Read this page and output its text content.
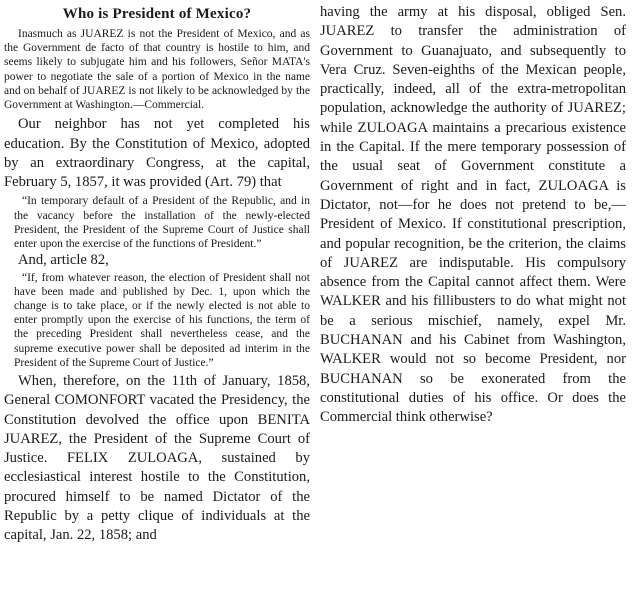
Who is President of Mexico?

Inasmuch as JUAREZ is not the President of Mexico, and as the Government de facto of that country is hostile to him, and seems likely to subjugate him and his followers, Señor MATA's power to negotiate the sale of a portion of Mexico in the name and on behalf of JUAREZ is not likely to be acknowledged by the Government at Washington.—Commercial.

Our neighbor has not yet completed his education. By the Constitution of Mexico, adopted by an extraordinary Congress, at the capital, February 5, 1857, it was provided (Art. 79) that

“In temporary default of a President of the Republic, and in the vacancy before the installation of the newly-elected President, the President of the Supreme Court of Justice shall enter upon the exercise of the functions of President.”

And, article 82,

“If, from whatever reason, the election of President shall not have been made and published by Dec. 1, upon which the change is to take place, or if the newly elected is not able to enter promptly upon the exercise of his functions, the term of the preceding President shall nevertheless cease, and the supreme executive power shall be deposited ad interim in the President of the Supreme Court of Justice.”

When, therefore, on the 11th of January, 1858, General COMONFORT vacated the Presidency, the Constitution devolved the office upon BENITA JUAREZ, the President of the Supreme Court of Justice. FELIX ZULOAGA, sustained by ecclesiastical interest hostile to the Constitution, procured himself to be named Dictator of the Republic by a petty clique of individuals at the capital, Jan. 22, 1858; and

having the army at his disposal, obliged Sen. JUAREZ to transfer the administration of Government to Guanajuato, and subsequently to Vera Cruz. Seven-eighths of the Mexican people, practically, indeed, all of the extra-metropolitan population, acknowledge the authority of JUAREZ; while ZULOAGA maintains a precarious existence in the Capital. If the mere temporary possession of the usual seat of Government constitute a Government of right and in fact, ZULOAGA is Dictator, not—for he does not pretend to be,—President of Mexico. If constitutional prescription, and popular recognition, be the criterion, the claims of JUAREZ are indisputable. His compulsory absence from the Capital cannot affect them. Were WALKER and his fillibusters to do what might not be a serious mischief, namely, expel Mr. BUCHANAN and his Cabinet from Washington, WALKER would not so become President, nor BUCHANAN so be exonerated from the constitutional duties of his office. Or does the Commercial think otherwise?
